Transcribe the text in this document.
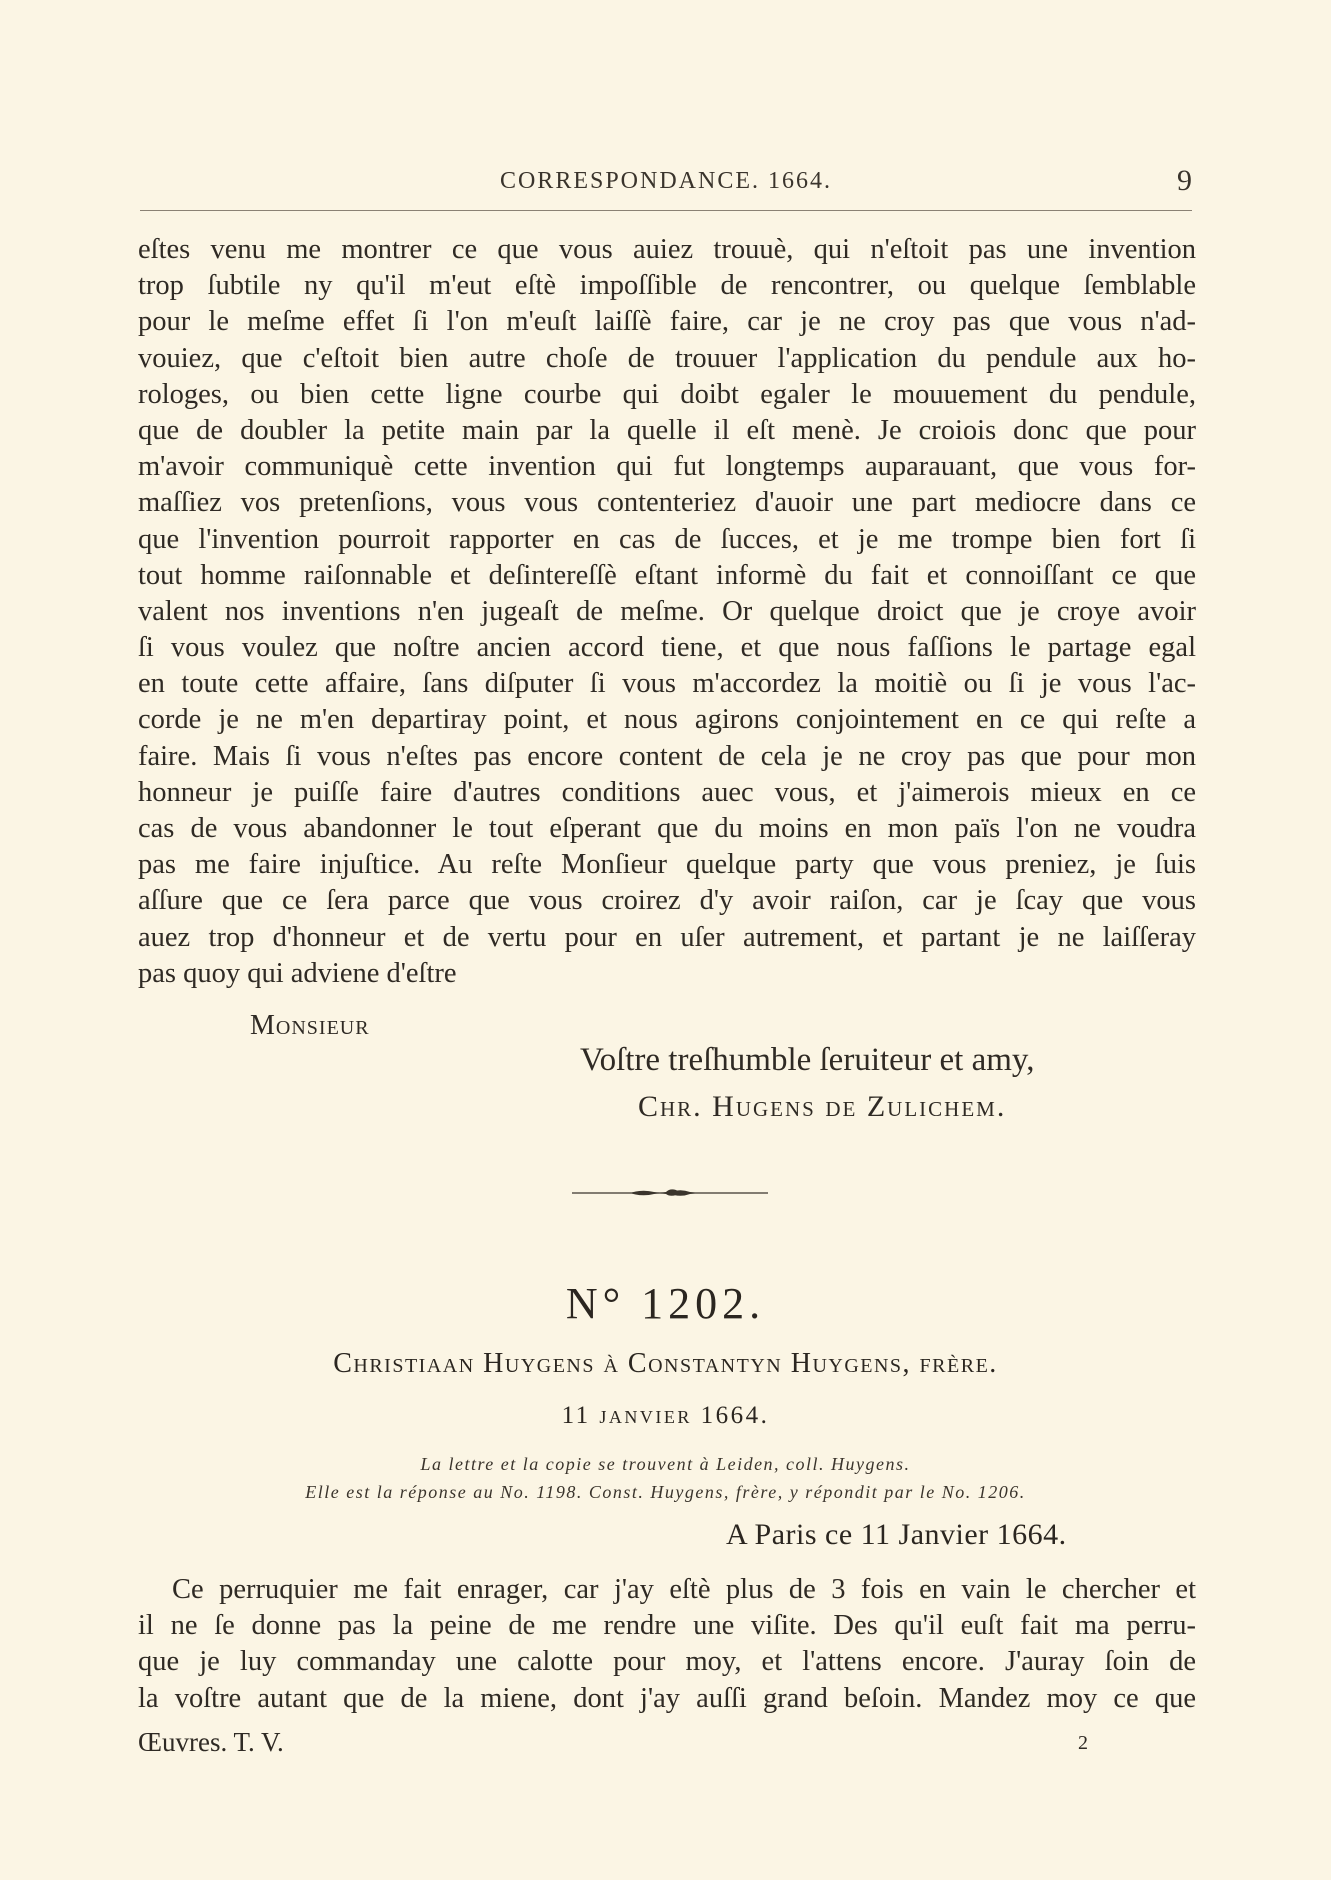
CORRESPONDANCE. 1664.	9
eſtes venu me montrer ce que vous auiez trouuè, qui n'eſtoit pas une invention
trop ſubtile ny qu'il m'eut eſtè impoſſible de rencontrer, ou quelque ſemblable
pour le meſme effet ſi l'on m'euſt laiſſè faire, car je ne croy pas que vous n'ad-
vouiez, que c'eſtoit bien autre choſe de trouuer l'application du pendule aux ho-
rologes, ou bien cette ligne courbe qui doibt egaler le mouuement du pendule,
que de doubler la petite main par la quelle il eſt menè. Je croiois donc que pour
m'avoir communiquè cette invention qui fut longtemps auparauant, que vous for-
maſſiez vos pretenſions, vous vous contenteriez d'auoir une part mediocre dans ce
que l'invention pourroit rapporter en cas de ſucces, et je me trompe bien fort ſi
tout homme raiſonnable et deſintereſſè eſtant informè du fait et connoiſſant ce que
valent nos inventions n'en jugeaſt de meſme. Or quelque droict que je croye avoir
ſi vous voulez que noſtre ancien accord tiene, et que nous faſſions le partage egal
en toute cette affaire, ſans diſputer ſi vous m'accordez la moitiè ou ſi je vous l'ac-
corde je ne m'en departiray point, et nous agirons conjointement en ce qui reſte a
faire. Mais ſi vous n'eſtes pas encore content de cela je ne croy pas que pour mon
honneur je puiſſe faire d'autres conditions auec vous, et j'aimerois mieux en ce
cas de vous abandonner le tout eſperant que du moins en mon païs l'on ne voudra
pas me faire injuſtice. Au reſte Monſieur quelque party que vous preniez, je ſuis
aſſure que ce ſera parce que vous croirez d'y avoir raiſon, car je ſcay que vous
auez trop d'honneur et de vertu pour en uſer autrement, et partant je ne laiſſeray
pas quoy qui adviene d'eſtre
Monsieur
Voſtre treſhumble ſeruiteur et amy,
Chr. Hugens de Zulichem.
N° 1202.
Christiaan Huygens à Constantyn Huygens, frère.
11 janvier 1664.
La lettre et la copie se trouvent à Leiden, coll. Huygens.
Elle est la réponse au No. 1198. Const. Huygens, frère, y répondit par le No. 1206.
A Paris ce 11 Janvier 1664.
Ce perruquier me fait enrager, car j'ay eſtè plus de 3 fois en vain le chercher et
il ne ſe donne pas la peine de me rendre une viſite. Des qu'il euſt fait ma perru-
que je luy commanday une calotte pour moy, et l'attens encore. J'auray ſoin de
la voſtre autant que de la miene, dont j'ay auſſi grand beſoin. Mandez moy ce que
Œuvres. T. V.	2
